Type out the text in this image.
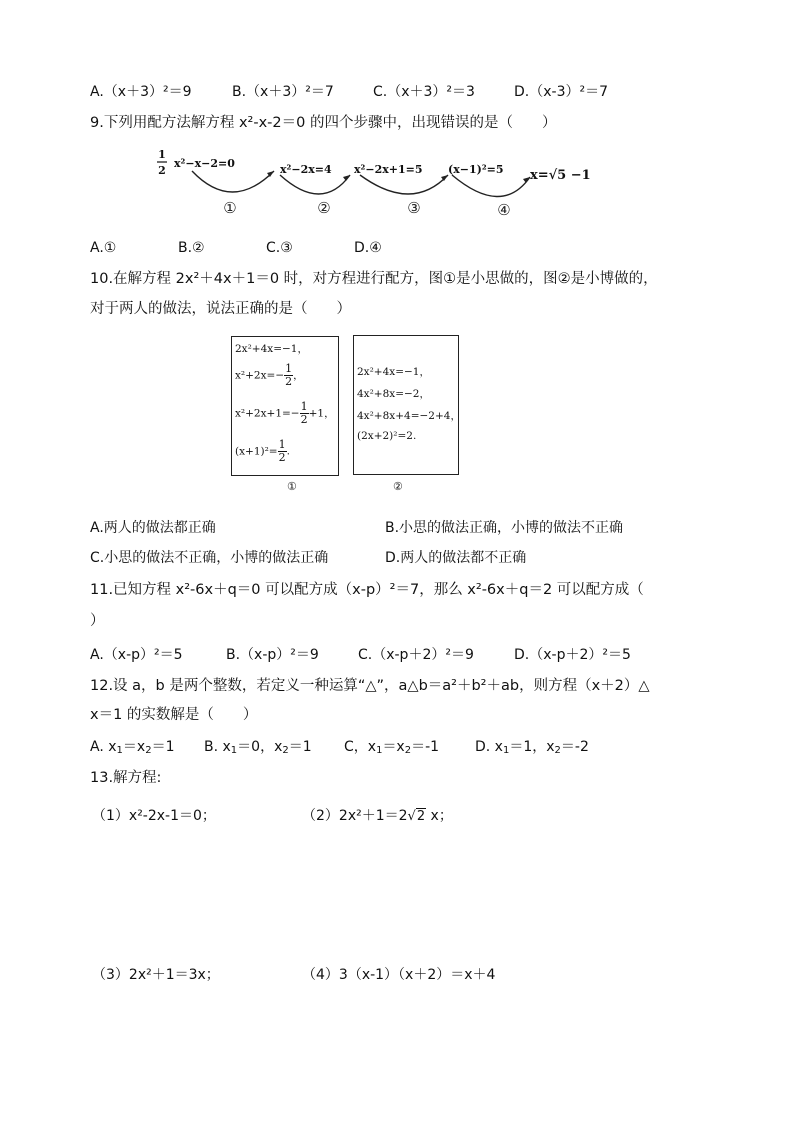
A.（x＋3）²＝9	B.（x＋3）²＝7	C.（x＋3）²＝3	D.（x-3）²＝7
9.下列用配方法解方程 x²-x-2＝0 的四个步骤中，出现错误的是（　　）
1
2
x²−x−2=0	x²−2x=4 x²−2x+1=5 (x−1)²=5 x=√5 −1
①	②	③	④
A.①	B.②	C.③	D.④
10.在解方程 2x²＋4x＋1＝0 时，对方程进行配方，图①是小思做的，图②是小博做的，
对于两人的做法，说法正确的是（　　）
2x²+4x=−1，
$x^2+2x=- \frac{1}{2}$ ，
$x^2+2x+1=- \frac{1}{2} +1$，
$(x+1)^2= \frac{1}{2}$ .
①
2x²+4x=−1，
4x²+8x=−2，
4x²+8x+4=−2+4，
(2x+2)²=2.
②
A.两人的做法都正确	B.小思的做法正确，小博的做法不正确
C.小思的做法不正确，小博的做法正确	D.两人的做法都不正确
11.已知方程 x²-6x＋q＝0 可以配方成（x-p）²＝7，那么 x²-6x＋q＝2 可以配方成（
）
A.（x-p）²＝5	B.（x-p）²＝9	C.（x-p＋2）²＝9	D.（x-p＋2）²＝5
12.设 a，b 是两个整数，若定义一种运算“△”，a△b＝a²＋b²＋ab，则方程（x＋2）△
x＝1 的实数解是（　　）
A. $x_1=x_2=1$ B. $x_1=0$，$x_2=1$ C，$x_1=x_2=-1$	D. $x_1=1$，$x_2=-2$
13.解方程:
（1）x²-2x-1＝0；	（2）2x²＋1＝2√2 x；
（3）2x²＋1＝3x；	（4）3（x-1）（x＋2）＝x＋4
